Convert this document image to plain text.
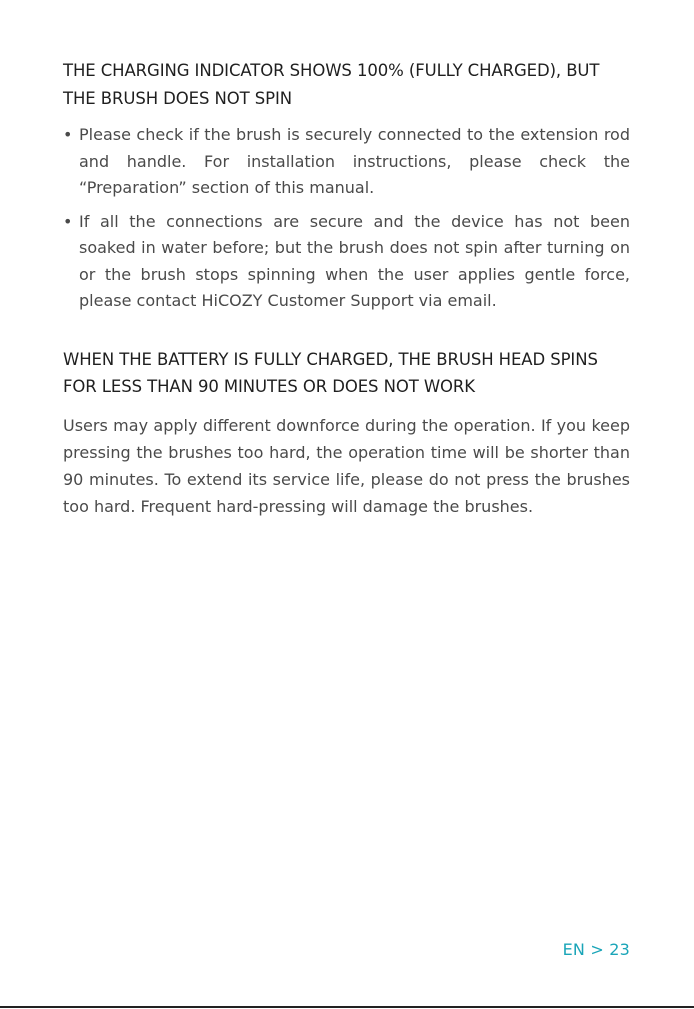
THE CHARGING INDICATOR SHOWS 100% (FULLY CHARGED), BUT THE BRUSH DOES NOT SPIN
• Please check if the brush is securely connected to the extension rod and handle. For installation instructions, please check the “Preparation” section of this manual.
• If all the connections are secure and the device has not been soaked in water before; but the brush does not spin after turning on or the brush stops spinning when the user applies gentle force, please contact HiCOZY Customer Support via email.
WHEN THE BATTERY IS FULLY CHARGED, THE BRUSH HEAD SPINS FOR LESS THAN 90 MINUTES OR DOES NOT WORK

Users may apply different downforce during the operation. If you keep pressing the brushes too hard, the operation time will be shorter than 90 minutes. To extend its service life, please do not press the brushes too hard. Frequent hard-pressing will damage the brushes.

EN > 23
